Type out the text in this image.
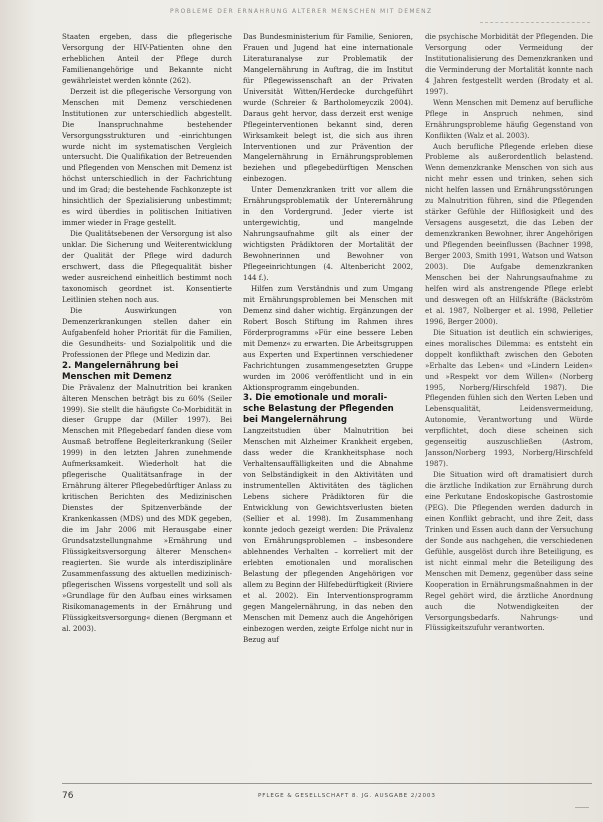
PROBLEME DER ERNÄHRUNG ÄLTERER MENSCHEN MIT DEMENZ

Staaten ergeben, dass die pflegerische Versorgung der HIV-Patienten ohne den erheblichen Anteil der Pflege durch Familienangehörige und Bekannte nicht gewährleistet werden könnte (262).

Derzeit ist die pflegerische Versorgung von Menschen mit Demenz verschiedenen Institutionen zur unterschiedlich abgestellt. Die Inanspruchnahme bestehender Versorgungsstrukturen und -einrichtungen wurde nicht im systematischen Vergleich untersucht. Die Qualifikation der Betreuenden und Pflegenden von Menschen mit Demenz ist höchst unterschiedlich in der Fachrichtung und im Grad; die bestehende Fachkonzepte ist hinsichtlich der Spezialisierung unbestimmt; es wird überdies in politischen Initiativen immer wieder in Frage gestellt.

Die Qualitätsebenen der Versorgung ist also unklar. Die Sicherung und Weiterentwicklung der Qualität der Pflege wird dadurch erschwert, dass die Pflegequalität bisher weder ausreichend einheitlich bestimmt noch taxonomisch geordnet ist. Konsentierte Leitlinien stehen noch aus.

Die Auswirkungen von Demenzerkrankungen stellen daher ein Aufgabenfeld hoher Priorität für die Familien, die Gesundheits- und Sozialpolitik und die Professionen der Pflege und Medizin dar.

2. Mangelernährung bei
Menschen mit Demenz

Die Prävalenz der Malnutrition bei kranken älteren Menschen beträgt bis zu 60% (Seiler 1999). Sie stellt die häufigste Co-Morbidität in dieser Gruppe dar (Miller 1997). Bei Menschen mit Pflegebedarf fanden diese vom Ausmaß betroffene Begleiterkrankung (Seiler 1999) in den letzten Jahren zunehmende Aufmerksamkeit. Wiederholt hat die pflegerische Qualitätsanfrage in der Ernährung älterer Pflegebedürftiger Anlass zu kritischen Berichten des Medizinischen Dienstes der Spitzenverbände der Krankenkassen (MDS) und des MDK gegeben, die im Jahr 2006 mit Herausgabe einer Grundsatzstellungnahme »Ernährung und Flüssigkeitsversorgung älterer Menschen« reagierten. Sie wurde als interdisziplinäre Zusammenfassung des aktuellen medizinisch-pflegerischen Wissens vorgestellt und soll als »Grundlage für den Aufbau eines wirksamen Risikomanagements in der Ernährung und Flüssigkeitsversorgung« dienen (Bergmann et al. 2003).

Das Bundesministerium für Familie, Senioren, Frauen und Jugend hat eine internationale Literaturanalyse zur Problematik der Mangelernährung in Auftrag, die im Institut für Pflegewissenschaft an der Privaten Universität Witten/Herdecke durchgeführt wurde (Schreier & Bartholomeyczik 2004). Daraus geht hervor, dass derzeit erst wenige Pflegeinterventionen bekannt sind, deren Wirksamkeit belegt ist, die sich aus ihren Interventionen und zur Prävention der Mangelernährung in Ernährungsproblemen beziehen und pflegebedürftigen Menschen einbezogen.

Unter Demenzkranken tritt vor allem die Ernährungsproblematik der Unterernährung in den Vordergrund. Jeder vierte ist untergewichtig, und mangelnde Nahrungsaufnahme gilt als einer der wichtigsten Prädiktoren der Mortalität der Bewohnerinnen und Bewohner von Pflegeeinrichtungen (4. Altenbericht 2002, 144 f.).

Hilfen zum Verständnis und zum Umgang mit Ernährungsproblemen bei Menschen mit Demenz sind daher wichtig. Ergänzungen der Robert Bosch Stiftung im Rahmen ihres Förderprogramms »Für eine bessere Leben mit Demenz« zu erwarten. Die Arbeitsgruppen aus Experten und Expertinnen verschiedener Fachrichtungen zusammengesetzten Gruppe wurden im 2006 veröffentlicht und in ein Aktionsprogramm eingebunden.

3. Die emotionale und morali-
sche Belastung der Pflegenden
bei Mangelernährung

Langzeitstudien über Malnutrition bei Menschen mit Alzheimer Krankheit ergeben, dass weder die Krankheitsphase noch Verhaltensauffälligkeiten und die Abnahme von Selbständigkeit in den Aktivitäten und instrumentellen Aktivitäten des täglichen Lebens sichere Prädiktoren für die Entwicklung von Gewichtsverlusten bieten (Sellier et al. 1998). Im Zusammenhang konnte jedoch gezeigt werden: Die Prävalenz von Ernährungsproblemen – insbesondere ablehnendes Verhalten – korreliert mit der erlebten emotionalen und moralischen Belastung der pflegenden Angehörigen vor allem zu Beginn der Hilfebedürftigkeit (Riviere et al. 2002). Ein Interventionsprogramm gegen Mangelernährung, in das neben den Menschen mit Demenz auch die Angehörigen einbezogen werden, zeigte Erfolge nicht nur in Bezug auf

die psychische Morbidität der Pflegenden. Die Versorgung oder Vermeidung der Institutionalisierung des Demenzkranken und die Verminderung der Mortalität konnte nach 4 Jahren festgestellt werden (Brodaty et al. 1997).

Wenn Menschen mit Demenz auf berufliche Pflege in Anspruch nehmen, sind Ernährungsprobleme häufig Gegenstand von Konflikten (Walz et al. 2003).

Auch berufliche Pflegende erleben diese Probleme als außerordentlich belastend. Wenn demenzkranke Menschen von sich aus nicht mehr essen und trinken, sehen sich nicht helfen lassen und Ernährungsstörungen zu Malnutrition führen, sind die Pflegenden stärker Gefühle der Hilflosigkeit und des Versagens ausgesetzt, die das Leben der demenzkranken Bewohner, ihrer Angehörigen und Pflegenden beeinflussen (Bachner 1998, Berger 2003, Smith 1991, Watson und Watson 2003). Die Aufgabe demenzkranken Menschen bei der Nahrungsaufnahme zu helfen wird als anstrengende Pflege erlebt und deswegen oft an Hilfskräfte (Bäckström et al. 1987, Nolberger et al. 1998, Pelletier 1996, Berger 2000).

Die Situation ist deutlich ein schwieriges, eines moralisches Dilemma: es entsteht ein doppelt konflikthaft zwischen den Geboten »Erhalte das Leben« und »Lindern Leiden« und »Respekt vor dem Willen« (Norberg 1995, Norberg/Hirschfeld 1987). Die Pflegenden fühlen sich den Werten Leben und Lebensqualität, Leidensvermeidung, Autonomie, Verantwortung und Würde verpflichtet, doch diese scheinen sich gegenseitig auszuschließen (Astrom, Jansson/Norberg 1993, Norberg/Hirschfeld 1987).

Die Situation wird oft dramatisiert durch die ärztliche Indikation zur Ernährung durch eine Perkutane Endoskopische Gastrostomie (PEG). Die Pflegenden werden dadurch in einen Konflikt gebracht, und ihre Zeit, dass Trinken und Essen auch dann der Versuchung der Sonde aus nachgehen, die verschiedenen Gefühle, ausgelöst durch ihre Beteiligung, es ist nicht einmal mehr die Beteiligung des Menschen mit Demenz, gegenüber dass seine Kooperation in Ernährungsmaßnahmen in der Regel gehört wird, die ärztliche Anordnung auch die Notwendigkeiten der Versorgungsbedarfs. Nahrungs- und Flüssigkeitszufuhr verantworten.

76	PFLEGE & GESELLSCHAFT 8. JG. AUSGABE 2/2003
